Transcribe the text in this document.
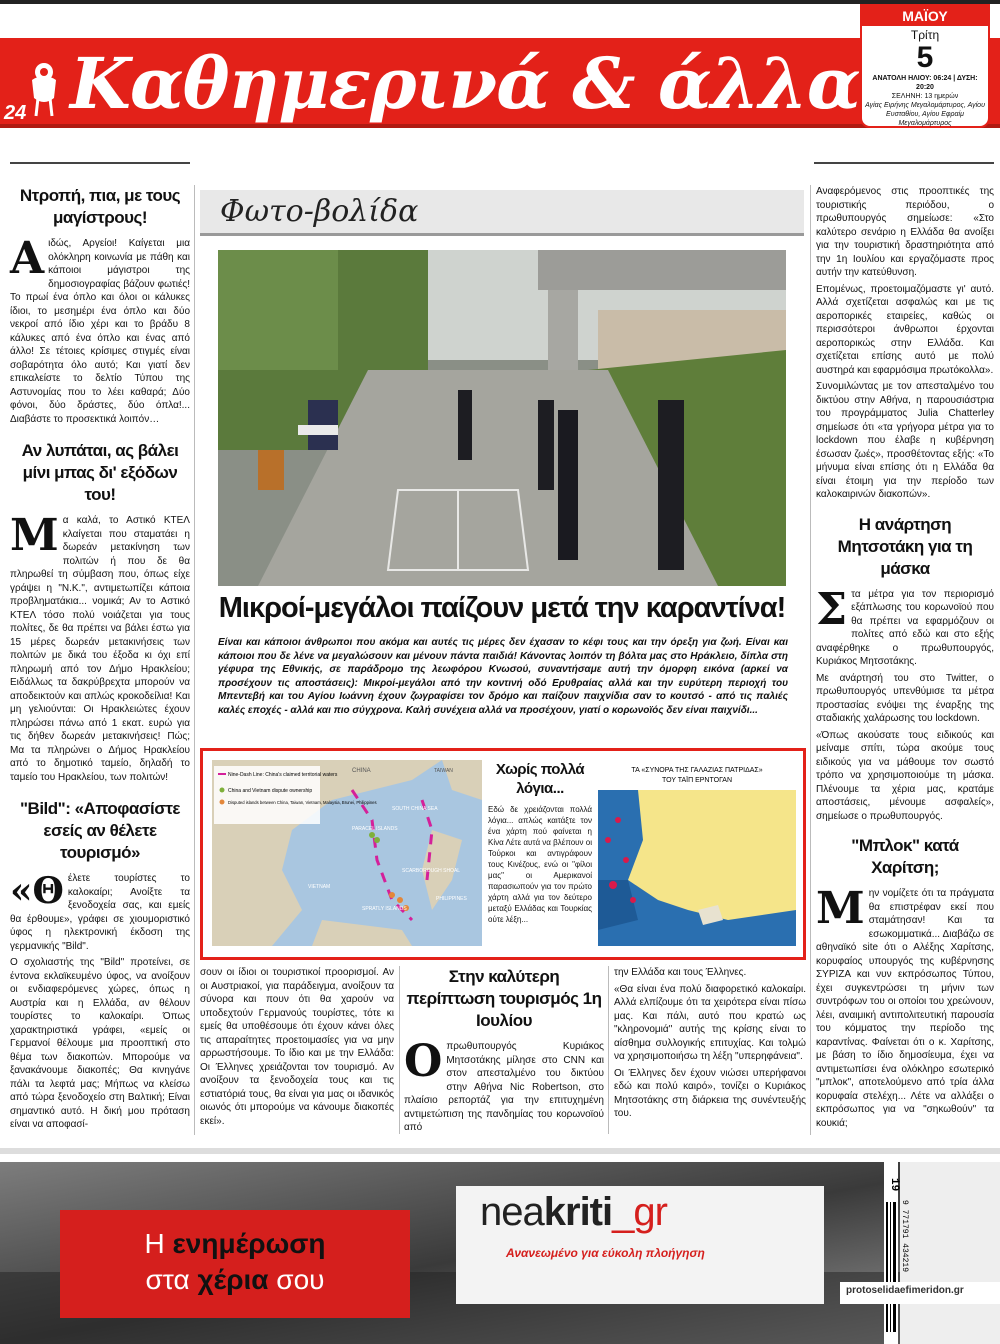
24 Καθημερινά & άλλα
ΜΑΪΟΥ
Τρίτη
5
ΑΝΑΤΟΛΗ ΗΛΙΟΥ: 06:24 | ΔΥΣΗ: 20:20
ΣΕΛΗΝΗ: 13 ημερών
Αγίας Ειρήνης Μεγαλομάρτυρος, Αγίου Ευσταθίου, Αγίου Εφραίμ Μεγαλομάρτυρος
Ντροπή, πια, με τους μαγίστρους!

Αιδώς, Αργείοι! Καίγεται μια ολόκληρη κοινωνία με πάθη και κάποιοι μάγιστροι της δημοσιογραφίας βάζουν φωτιές! Το πρωί ένα όπλο και όλοι οι κάλυκες ίδιοι, το μεσημέρι ένα όπλο και δύο νεκροί από ίδιο χέρι και το βράδυ 8 κάλυκες από ένα όπλο και ένας από άλλο! Σε τέτοιες κρίσιμες στιγμές είναι σοβαρότητα όλο αυτό; Και γιατί δεν επικαλείστε το δελτίο Τύπου της Αστυνομίας που το λέει καθαρά; Δύο φόνοι, δύο δράστες, δύο όπλα!... Διαβάστε το προσεκτικά λοιπόν…

Αν λυπάται, ας βάλει μίνι μπας δι' εξόδων του!

Μα καλά, το Αστικό ΚΤΕΛ κλαίγεται που σταματάει η δωρεάν μετακίνηση των πολιτών ή που δε θα πληρωθεί τη σύμβαση που, όπως είχε γράψει η "Ν.Κ.", αντιμετωπίζει κάποια προβληματάκια... νομικά; Αν το Αστικό ΚΤΕΛ τόσο πολύ νοιάζεται για τους πολίτες, δε θα πρέπει να βάλει έστω για 15 μέρες δωρεάν μετακινήσεις των πολιτών με δικά του έξοδα κι όχι επί πληρωμή από τον Δήμο Ηρακλείου; Ειδάλλως τα δακρύβρεχτα μπορούν να αποδεικτούν και απλώς κροκοδείλια! Και μη γελιούνται: Οι Ηρακλειώτες έχουν πληρώσει πάνω από 1 εκατ. ευρώ για τις δήθεν δωρεάν μετακινήσεις! Πώς; Μα τα πληρώνει ο Δήμος Ηρακλείου από το δημοτικό ταμείο, δηλαδή το ταμείο του Ηρακλείου, των πολιτών!

"Bild": «Αποφασίστε εσείς αν θέλετε τουρισμό»

«Θέλετε τουρίστες το καλοκαίρι; Ανοίξτε τα ξενοδοχεία σας, και εμείς θα έρθουμε», γράφει σε χιουμοριστικό ύφος η ηλεκτρονική έκδοση της γερμανικής "Bild".

Ο σχολιαστής της "Bild" προτείνει, σε έντονα εκλαϊκευμένο ύφος, να ανοίξουν οι ενδιαφερόμενες χώρες, όπως η Αυστρία και η Ελλάδα, αν θέλουν τουρίστες το καλοκαίρι. Όπως χαρακτηριστικά γράφει, «εμείς οι Γερμανοί θέλουμε μια προοπτική στο θέμα των διακοπών. Μπορούμε να ξανακάνουμε διακοπές; Θα κινηγάνε πάλι τα λεφτά μας; Μήπως να κλείσω από τώρα ξενοδοχείο στη Βαλτική; Είναι σημαντικό αυτό. Η δική μου πρόταση είναι να αποφασί-

Φωτο-βολίδα
Μικροί-μεγάλοι παίζουν μετά την καραντίνα!
Είναι και κάποιοι άνθρωποι που ακόμα και αυτές τις μέρες δεν έχασαν το κέφι τους και την όρεξη για ζωή. Είναι και κάποιοι που δε λένε να μεγαλώσουν και μένουν πάντα παιδιά! Κάνοντας λοιπόν τη βόλτα μας στο Ηράκλειο, δίπλα στη γέφυρα της Εθνικής, σε παράδρομο της λεωφόρου Κνωσού, συναντήσαμε αυτή την όμορφη εικόνα (αρκεί να προσέχουν τις αποστάσεις): Μικροί-μεγάλοι από την κοντινή οδό Ερυθραίας αλλά και την ευρύτερη περιοχή του Μπεντεβή και του Αγίου Ιωάννη έχουν ζωγραφίσει τον δρόμο και παίζουν παιχνίδια σαν το κουτσό - από τις παλιές καλές εποχές - αλλά και πιο σύγχρονα. Καλή συνέχεια αλλά να προσέχουν, γιατί ο κορωνοϊός δεν είναι παιχνίδι...
Nine-Dash Line: China's claimed territorial waters
China and Vietnam dispute ownership
Disputed islands between China, Taiwan, Vietnam, Malaysia, Brunei, Philippines
CHINA	TAIWAN
SOUTH CHINA SEA
PARACEL ISLANDS
VIETNAM
SCARBOROUGH SHOAL
SPRATLY ISLANDS
PHILIPPINES
Χωρίς πολλά λόγια...
Εδώ δε χρειάζονται πολλά λόγια... απλώς καιτάξτε τον ένα χάρτη πού φαίνεται η Κίνα Λέτε αυτά να βλέπουν οι Τούρκοι και αντιγράφουν τους Κινέζους, ενώ οι "φίλοι μας" οι Αμερικανοί παρασιωπούν για τον πρώτο χάρτη αλλά για τον δεύτερο μεταξύ Ελλάδας και Τουρκίας ούτε λέξη...
ΤΑ «ΣΥΝΟΡΑ ΤΗΣ ΓΑΛΑΖΙΑΣ ΠΑΤΡΙΔΑΣ»
ΤΟΥ ΤΑΪΠ ΕΡΝΤΟΓΑΝ
σουν οι ίδιοι οι τουριστικοί προορισμοί. Αν οι Αυστριακοί, για παράδειγμα, ανοίξουν τα σύνορα και πουν ότι θα χαρούν να υποδεχτούν Γερμανούς τουρίστες, τότε κι εμείς θα υποθέσουμε ότι έχουν κάνει όλες τις απαραίτητες προετοιμασίες για να μην αρρωστήσουμε. Το ίδιο και με την Ελλάδα: Οι Έλληνες χρειάζονται τον τουρισμό. Αν ανοίξουν τα ξενοδοχεία τους και τις εστιατόριά τους, θα είναι για μας οι ιδανικός οιωνός ότι μπορούμε να κάνουμε διακοπές εκεί».
Στην καλύτερη περίπτωση τουρισμός 1η Ιουλίου

Οπρωθυπουργός Κυριάκος Μητσοτάκης μίλησε στο CNN και στον απεσταλμένο του δικτύου στην Αθήνα Nic Robertson, στο πλαίσιο ρεπορτάζ για την επιτυχημένη αντιμετώπιση της πανδημίας του κορωνοϊού από

την Ελλάδα και τους Έλληνες.

«Θα είναι ένα πολύ διαφορετικό καλοκαίρι. Αλλά ελπίζουμε ότι τα χειρότερα είναι πίσω μας. Και πάλι, αυτό που κρατώ ως "κληρονομιά" αυτής της κρίσης είναι το αίσθημα συλλογικής επιτυχίας. Και τολμώ να χρησιμοποιήσω τη λέξη "υπερηφάνεια".

Οι Έλληνες δεν έχουν νιώσει υπερήφανοι εδώ και πολύ καιρό», τονίζει ο Κυριάκος Μητσοτάκης στη διάρκεια της συνέντευξής του.

Αναφερόμενος στις προοπτικές της τουριστικής περιόδου, ο πρωθυπουργός σημείωσε: «Στο καλύτερο σενάριο η Ελλάδα θα ανοίξει για την τουριστική δραστηριότητα από την 1η Ιουλίου και εργαζόμαστε προς αυτήν την κατεύθυνση.

Επομένως, προετοιμαζόμαστε γι' αυτό. Αλλά σχετίζεται ασφαλώς και με τις αεροπορικές εταιρείες, καθώς οι περισσότεροι άνθρωποι έρχονται αεροπορικώς στην Ελλάδα. Και σχετίζεται επίσης αυτό με πολύ αυστηρά και εφαρμόσιμα πρωτόκολλα».

Συνομιλώντας με τον απεσταλμένο του δικτύου στην Αθήνα, η παρουσιάστρια του προγράμματος Julia Chatterley σημείωσε ότι «τα γρήγορα μέτρα για το lockdown που έλαβε η κυβέρνηση έσωσαν ζωές», προσθέτοντας εξής: «Το μήνυμα είναι επίσης ότι η Ελλάδα θα είναι έτοιμη για την περίοδο των καλοκαιρινών διακοπών».

Η ανάρτηση Μητσοτάκη για τη μάσκα

Στα μέτρα για τον περιορισμό εξάπλωσης του κορωνοϊού που θα πρέπει να εφαρμόζουν οι πολίτες από εδώ και στο εξής αναφέρθηκε ο πρωθυπουργός, Κυριάκος Μητσοτάκης.

Με ανάρτησή του στο Twitter, ο πρωθυπουργός υπενθύμισε τα μέτρα προστασίας ενόψει της έναρξης της σταδιακής χαλάρωσης του lockdown.

«Όπως ακούσατε τους ειδικούς και μείναμε σπίτι, τώρα ακούμε τους ειδικούς για να μάθουμε τον σωστό τρόπο να χρησιμοποιούμε τη μάσκα. Πλένουμε τα χέρια μας, κρατάμε αποστάσεις, μένουμε ασφαλείς», σημείωσε ο πρωθυπουργός.

"Μπλοκ" κατά Χαρίτση;

Μην νομίζετε ότι τα πράγματα θα επιστρέφαν εκεί που σταμάτησαν! Και τα εσωκομματικά... Διαβάζω σε αθηναϊκό site ότι ο Αλέξης Χαρίτσης, κορυφαίος υπουργός της κυβέρνησης ΣΥΡΙΖΑ και νυν εκπρόσωπος Τύπου, έχει συγκεντρώσει τη μήνιν των συντρόφων του οι οποίοι του χρεώνουν, λέει, αναιμική αντιπολιτευτική παρουσία του κόμματος την περίοδο της καραντίνας. Φαίνεται ότι ο κ. Χαρίτσης, με βάση το ίδιο δημοσίευμα, έχει να αντιμετωπίσει ένα ολόκληρο εσωτερικό "μπλοκ", αποτελούμενο από τρία άλλα κορυφαία στελέχη... Λέτε να αλλάξει ο εκπρόσωπος για να "σηκωθούν" τα κουκιά;

neakriti_gr
Ανανεωμένο για εύκολη πλοήγηση
Η ενημέρωση
στα χέρια σου
19
9 771791 434219
protoselidaefimeridon.gr
